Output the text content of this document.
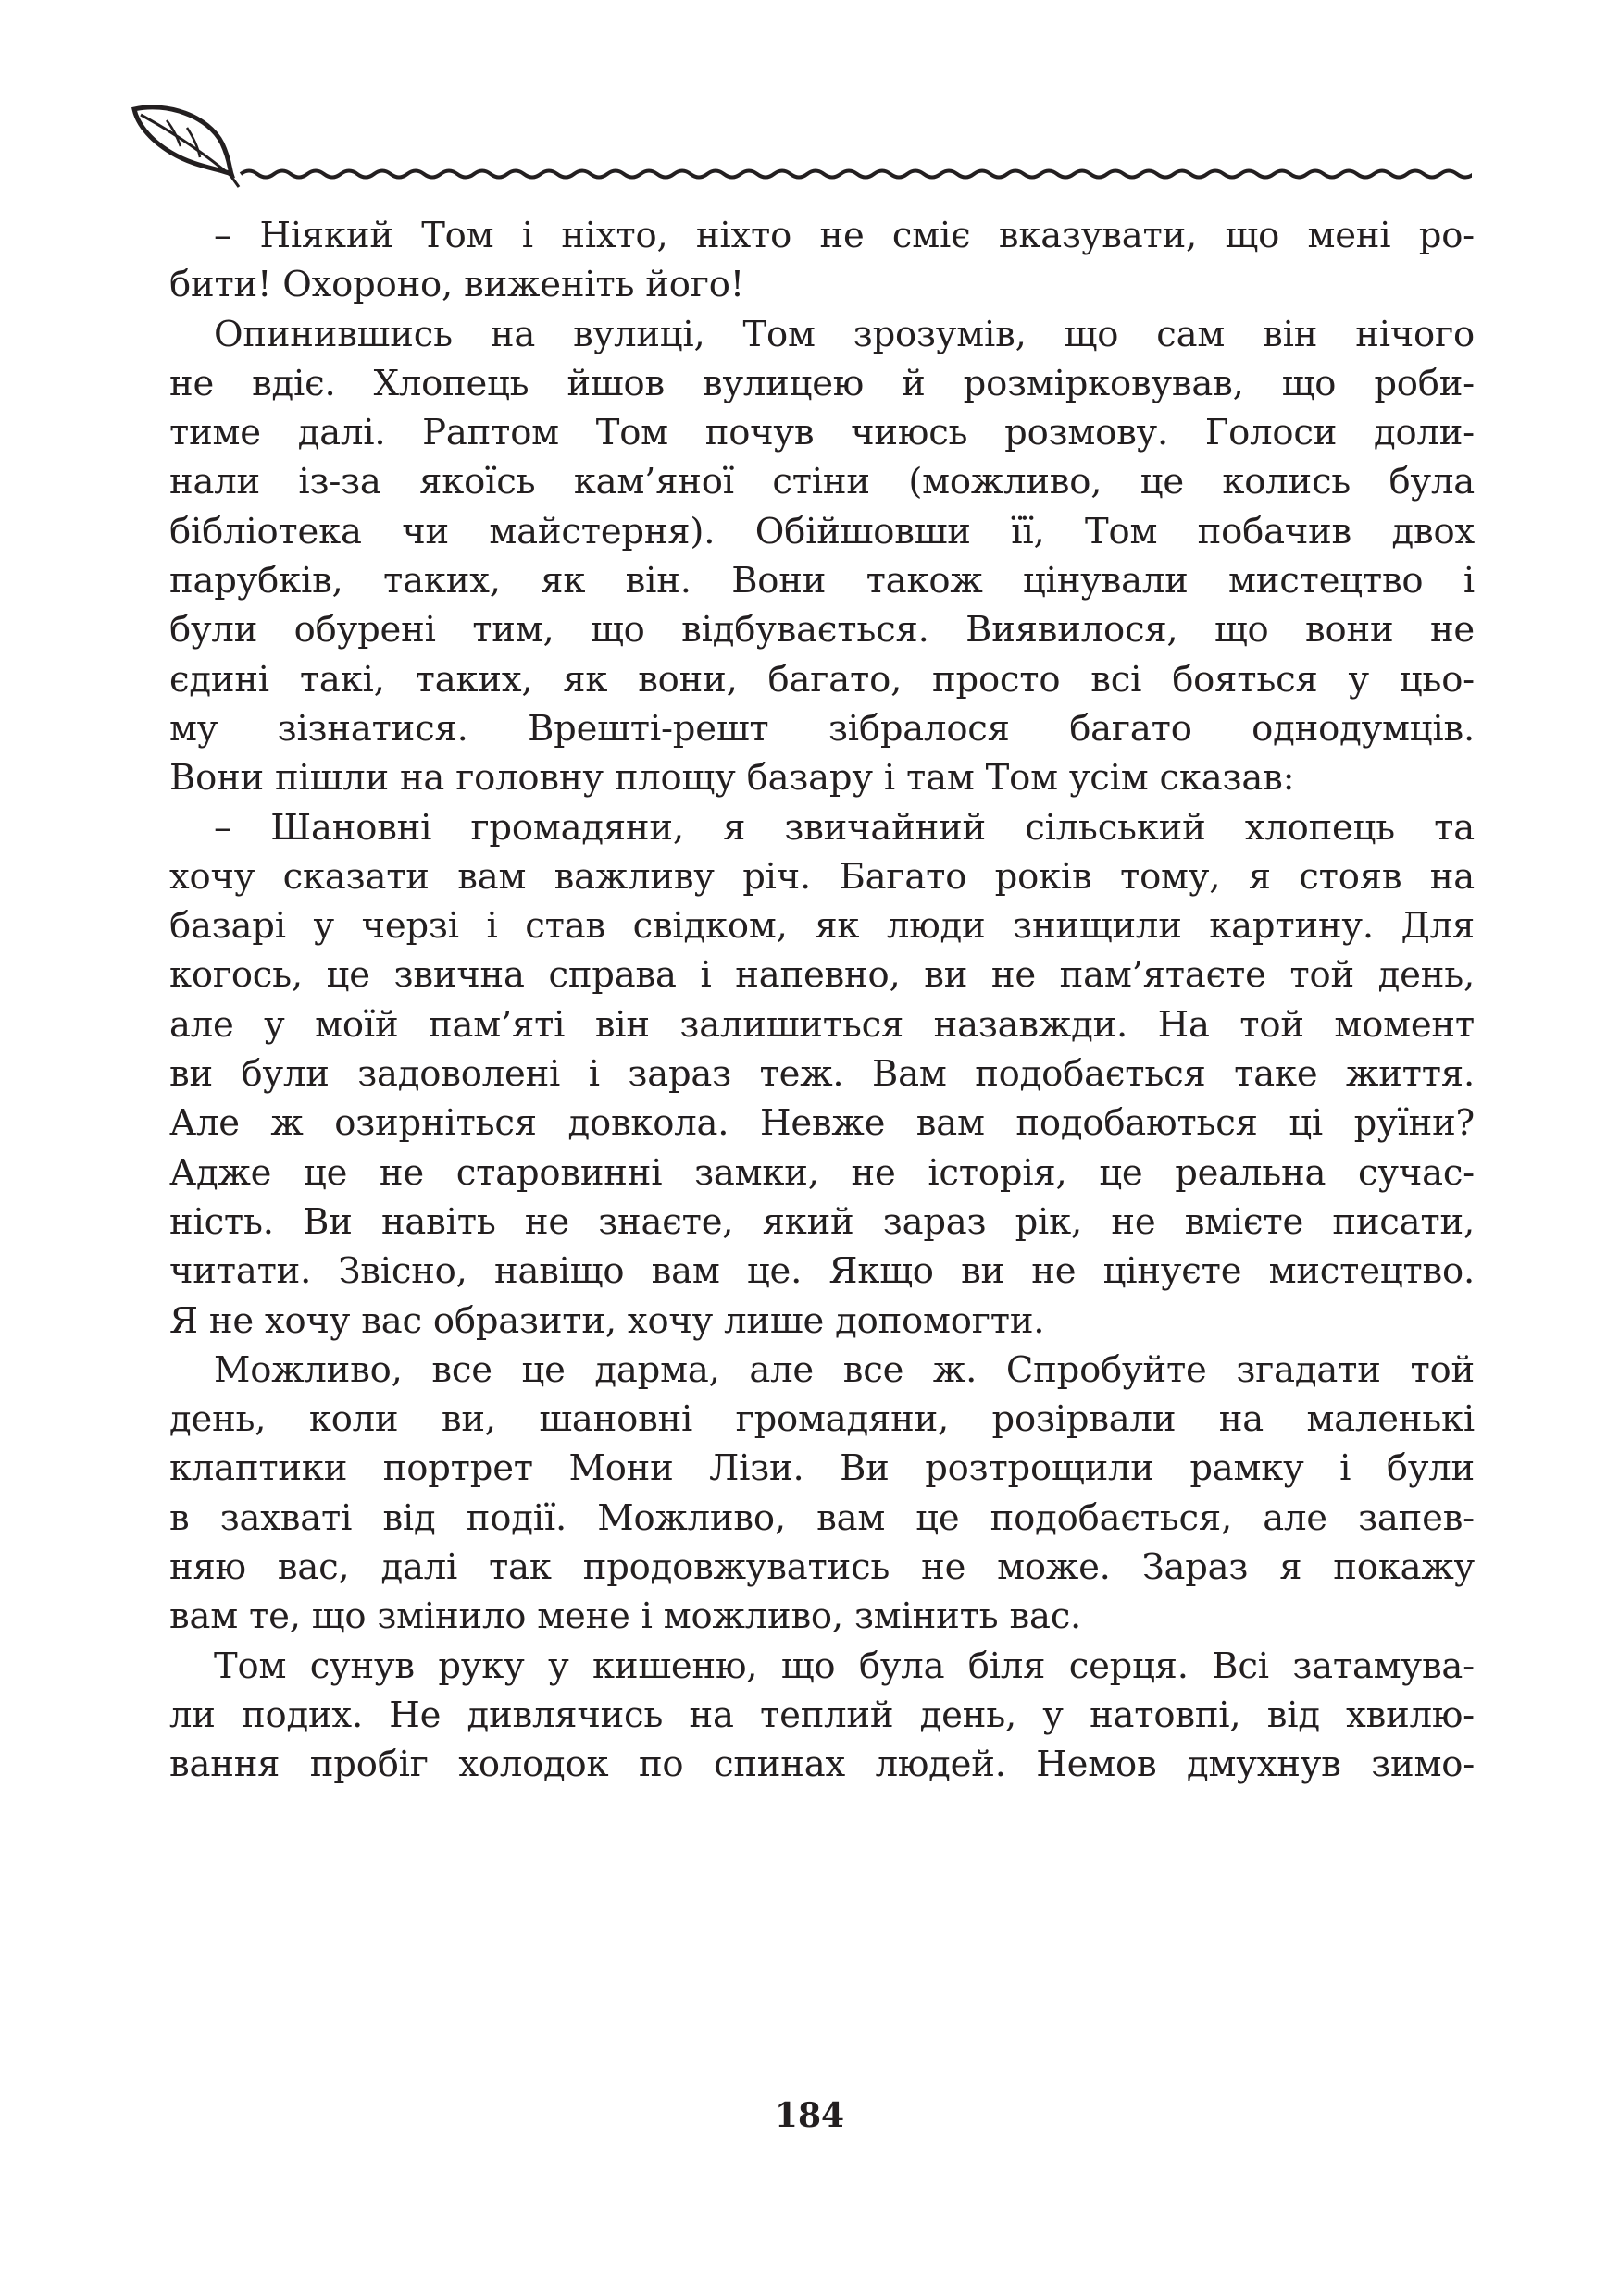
– Ніякий Том і ніхто, ніхто не сміє вказувати, що мені ро-
бити! Охороно, виженіть його!
Опинившись на вулиці, Том зрозумів, що сам він нічого
не вдіє. Хлопець йшов вулицею й розмірковував, що роби-
тиме далі. Раптом Том почув чиюсь розмову. Голоси доли-
нали із-за якоїсь кам’яної стіни (можливо, це колись була
бібліотека чи майстерня). Обійшовши її, Том побачив двох
парубків, таких, як він. Вони також цінували мистецтво і
були обурені тим, що відбувається. Виявилося, що вони не
єдині такі, таких, як вони, багато, просто всі бояться у цьо-
му зізнатися. Врешті-решт зібралося багато однодумців.
Вони пішли на головну площу базару і там Том усім сказав:
– Шановні громадяни, я звичайний сільський хлопець та
хочу сказати вам важливу річ. Багато років тому, я стояв на
базарі у черзі і став свідком, як люди знищили картину. Для
когось, це звична справа і напевно, ви не пам’ятаєте той день,
але у моїй пам’яті він залишиться назавжди. На той момент
ви були задоволені і зараз теж. Вам подобається таке життя.
Але ж озирніться довкола. Невже вам подобаються ці руїни?
Адже це не старовинні замки, не історія, це реальна сучас-
ність. Ви навіть не знаєте, який зараз рік, не вмієте писати,
читати. Звісно, навіщо вам це. Якщо ви не цінуєте мистецтво.
Я не хочу вас образити, хочу лише допомогти.
Можливо, все це дарма, але все ж. Спробуйте згадати той
день, коли ви, шановні громадяни, розірвали на маленькі
клаптики портрет Мони Лізи. Ви розтрощили рамку і були
в захваті від події. Можливо, вам це подобається, але запев-
няю вас, далі так продовжуватись не може. Зараз я покажу
вам те, що змінило мене і можливо, змінить вас.
Том сунув руку у кишеню, що була біля серця. Всі затамува-
ли подих. Не дивлячись на теплий день, у натовпі, від хвилю-
вання пробіг холодок по спинах людей. Немов дмухнув зимо-
184
